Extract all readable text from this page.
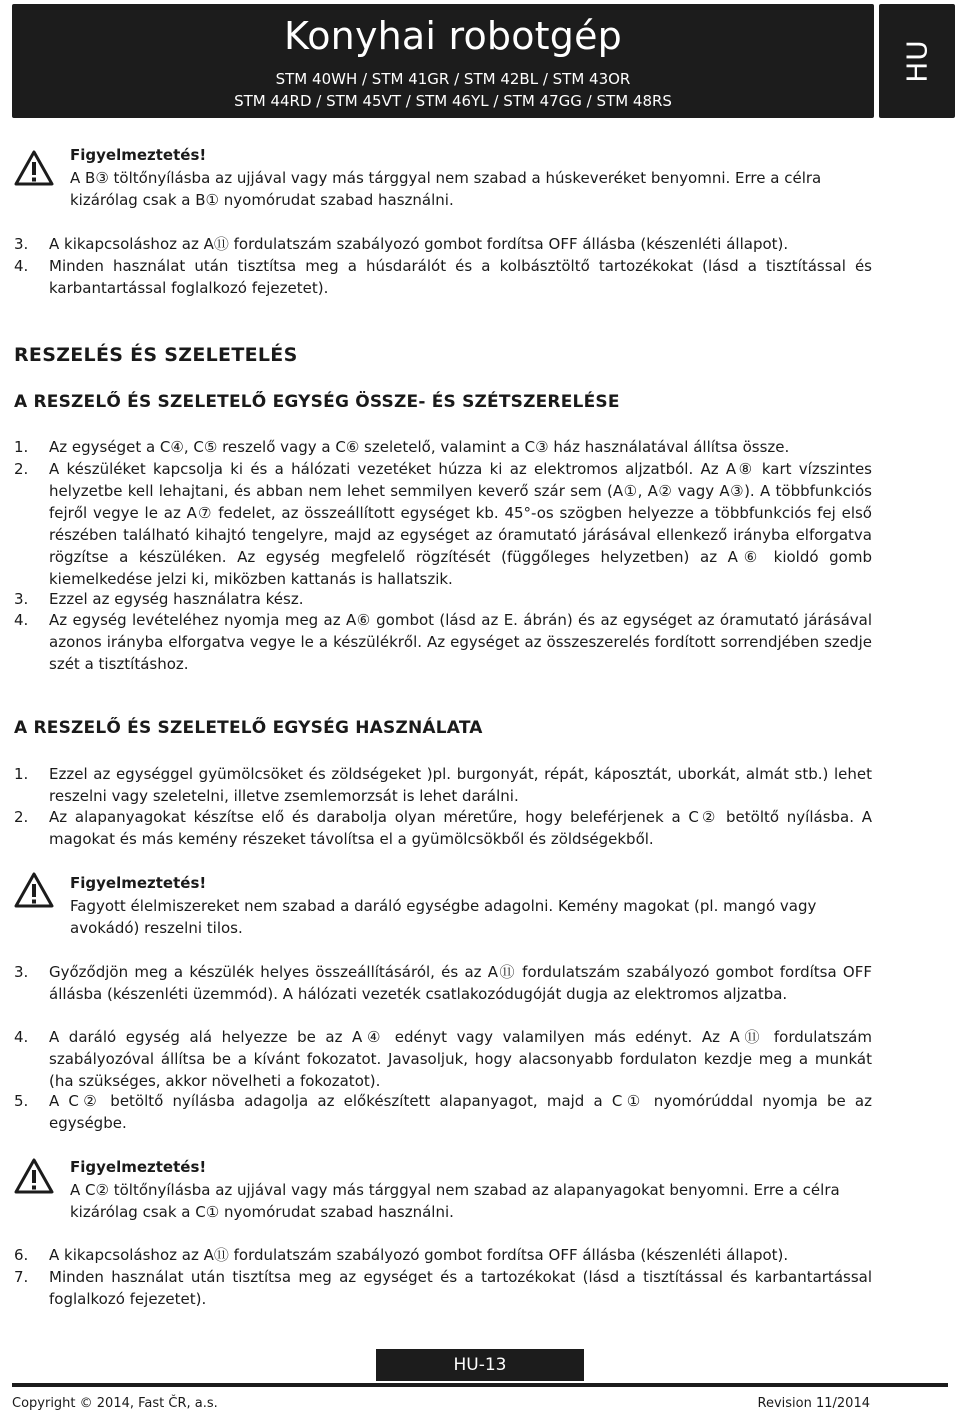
Konyhai robotgép
STM 40WH / STM 41GR / STM 42BL / STM 43OR
STM 44RD / STM 45VT / STM 46YL / STM 47GG / STM 48RS
HU
Figyelmeztetés!
A B③ töltőnyílásba az ujjával vagy más tárggyal nem szabad a húskeveréket benyomni. Erre a célra kizárólag csak a B① nyomórudat szabad használni.
3. A kikapcsoláshoz az A⑪ fordulatszám szabályozó gombot fordítsa OFF állásba (készenléti állapot).
4. Minden használat után tisztítsa meg a húsdarálót és a kolbásztöltő tartozékokat (lásd a tisztítással és karbantartással foglalkozó fejezetet).
RESZELÉS ÉS SZELETELÉS
A RESZELŐ ÉS SZELETELŐ EGYSÉG ÖSSZE- ÉS SZÉTSZERELÉSE
1. Az egységet a C④, C⑤ reszelő vagy a C⑥ szeletelő, valamint a C③ ház használatával állítsa össze.
2. A készüléket kapcsolja ki és a hálózati vezetéket húzza ki az elektromos aljzatból. Az A⑧ kart vízszintes helyzetbe kell lehajtani, és abban nem lehet semmilyen keverő szár sem (A①, A② vagy A③). A többfunkciós fejről vegye le az A⑦ fedelet, az összeállított egységet kb. 45°-os szögben helyezze a többfunkciós fej első részében található kihajtó tengelyre, majd az egységet az óramutató járásával ellenkező irányba elforgatva rögzítse a készüléken. Az egység megfelelő rögzítését (függőleges helyzetben) az A⑥ kioldó gomb kiemelkedése jelzi ki, miközben kattanás is hallatszik.
3. Ezzel az egység használatra kész.
4. Az egység levételéhez nyomja meg az A⑥ gombot (lásd az E. ábrán) és az egységet az óramutató járásával azonos irányba elforgatva vegye le a készülékről. Az egységet az összeszerelés fordított sorrendjében szedje szét a tisztításhoz.
A RESZELŐ ÉS SZELETELŐ EGYSÉG HASZNÁLATA
1. Ezzel az egységgel gyümölcsöket és zöldségeket )pl. burgonyát, répát, káposztát, uborkát, almát stb.) lehet reszelni vagy szeletelni, illetve zsemlemorzsát is lehet darálni.
2. Az alapanyagokat készítse elő és darabolja olyan méretűre, hogy beleférjenek a C② betöltő nyílásba. A magokat és más kemény részeket távolítsa el a gyümölcsökből és zöldségekből.
Figyelmeztetés!
Fagyott élelmiszereket nem szabad a daráló egységbe adagolni. Kemény magokat (pl. mangó vagy avokádó) reszelni tilos.
3. Győződjön meg a készülék helyes összeállításáról, és az A⑪ fordulatszám szabályozó gombot fordítsa OFF állásba (készenléti üzemmód). A hálózati vezeték csatlakozódugóját dugja az elektromos aljzatba.
4. A daráló egység alá helyezze be az A④ edényt vagy valamilyen más edényt. Az A⑪ fordulatszám szabályozóval állítsa be a kívánt fokozatot. Javasoljuk, hogy alacsonyabb fordulaton kezdje meg a munkát (ha szükséges, akkor növelheti a fokozatot).
5. A C② betöltő nyílásba adagolja az előkészített alapanyagot, majd a C① nyomórúddal nyomja be az egységbe.
Figyelmeztetés!
A C② töltőnyílásba az ujjával vagy más tárggyal nem szabad az alapanyagokat benyomni. Erre a célra kizárólag csak a C① nyomórudat szabad használni.
6. A kikapcsoláshoz az A⑪ fordulatszám szabályozó gombot fordítsa OFF állásba (készenléti állapot).
7. Minden használat után tisztítsa meg az egységet és a tartozékokat (lásd a tisztítással és karbantartással foglalkozó fejezetet).
HU-13
Copyright © 2014, Fast ČR, a.s.	Revision 11/2014
